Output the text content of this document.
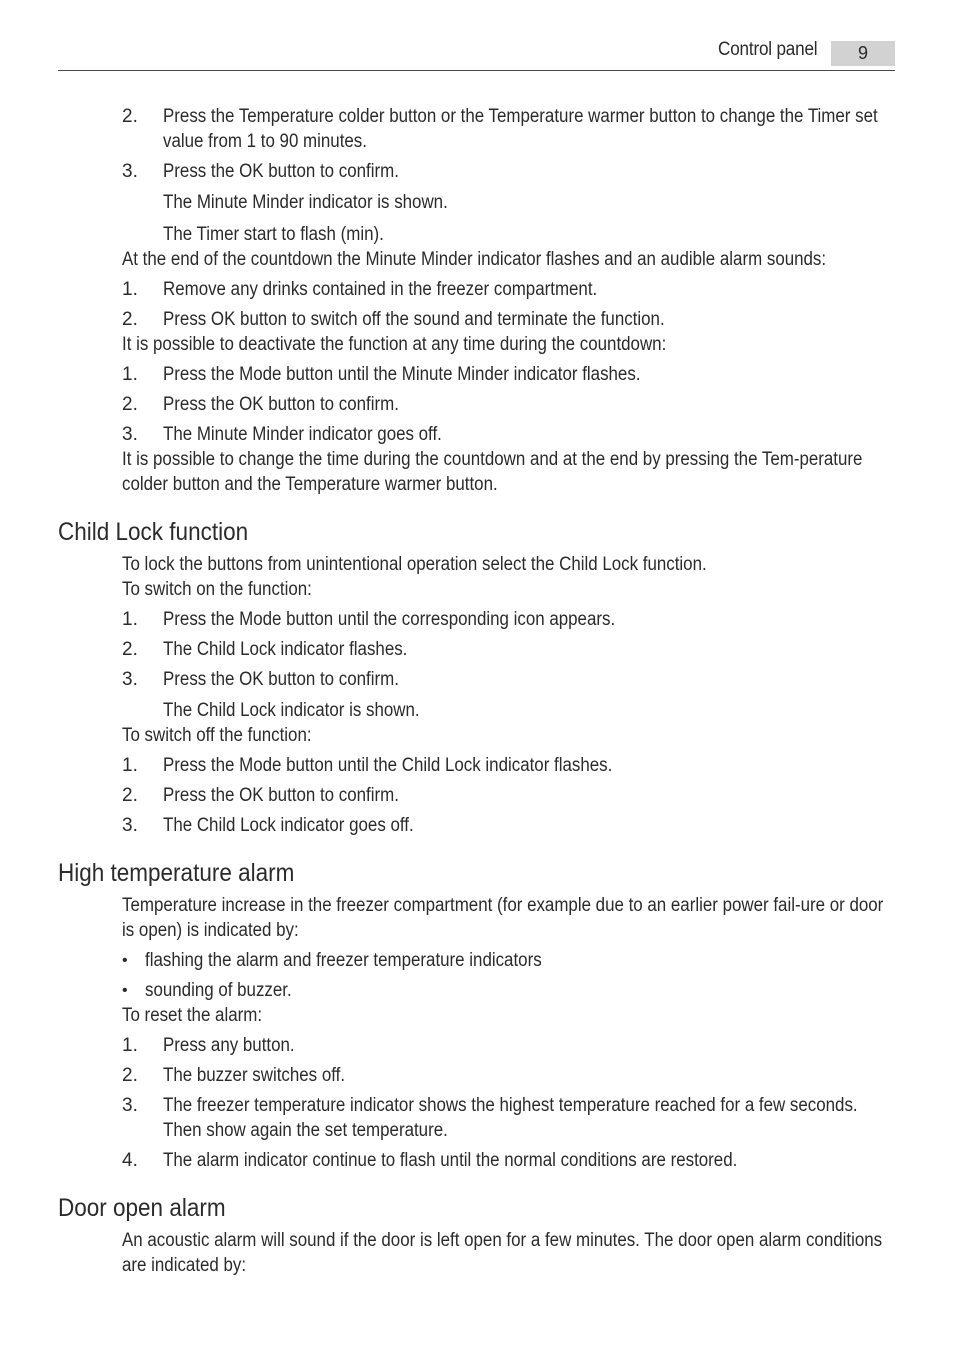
Control panel	9
2.	Press the Temperature colder button or the Temperature warmer button to change the Timer set value from 1 to 90 minutes.
3.	Press the OK button to confirm.
The Minute Minder indicator is shown.
The Timer start to flash (min).
At the end of the countdown the Minute Minder indicator flashes and an audible alarm sounds:
1.	Remove any drinks contained in the freezer compartment.
2.	Press OK button to switch off the sound and terminate the function.
It is possible to deactivate the function at any time during the countdown:
1.	Press the Mode button until the Minute Minder indicator flashes.
2.	Press the OK button to confirm.
3.	The Minute Minder indicator goes off.
It is possible to change the time during the countdown and at the end by pressing the Tem-perature colder button and the Temperature warmer button.
Child Lock function
To lock the buttons from unintentional operation select the Child Lock function.
To switch on the function:
1.	Press the Mode button until the corresponding icon appears.
2.	The Child Lock indicator flashes.
3.	Press the OK button to confirm.
The Child Lock indicator is shown.
To switch off the function:
1.	Press the Mode button until the Child Lock indicator flashes.
2.	Press the OK button to confirm.
3.	The Child Lock indicator goes off.
High temperature alarm
Temperature increase in the freezer compartment (for example due to an earlier power fail-ure or door is open) is indicated by:
• flashing the alarm and freezer temperature indicators
• sounding of buzzer.
To reset the alarm:
1.	Press any button.
2.	The buzzer switches off.
3.	The freezer temperature indicator shows the highest temperature reached for a few seconds. Then show again the set temperature.
4.	The alarm indicator continue to flash until the normal conditions are restored.
Door open alarm
An acoustic alarm will sound if the door is left open for a few minutes. The door open alarm conditions are indicated by:
